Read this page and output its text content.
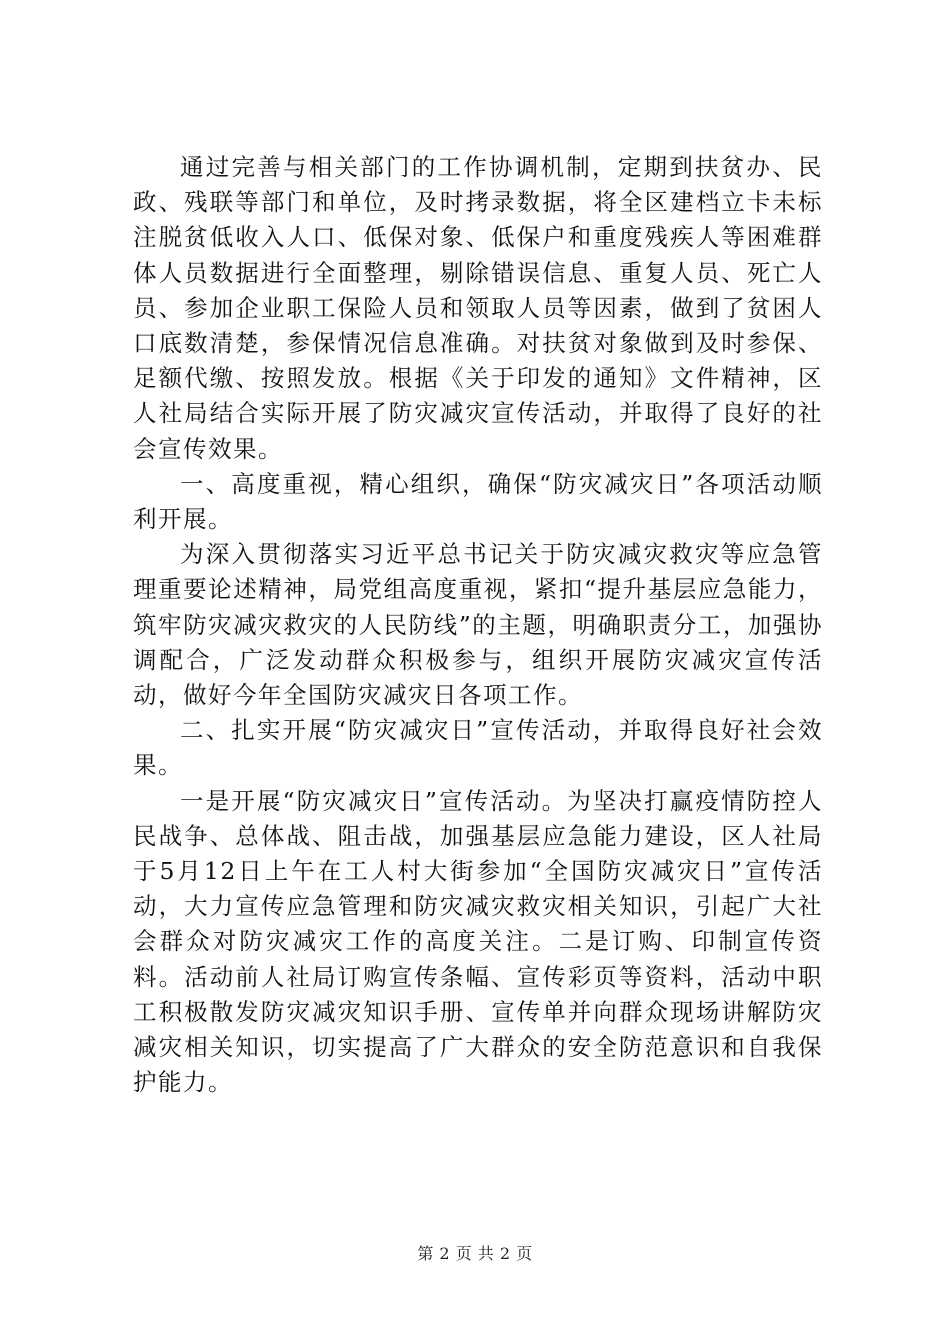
通过完善与相关部门的工作协调机制，定期到扶贫办、民政、残联等部门和单位，及时拷录数据，将全区建档立卡未标注脱贫低收入人口、低保对象、低保户和重度残疾人等困难群体人员数据进行全面整理，剔除错误信息、重复人员、死亡人员、参加企业职工保险人员和领取人员等因素，做到了贫困人口底数清楚，参保情况信息准确。对扶贫对象做到及时参保、足额代缴、按照发放。根据《关于印发的通知》文件精神，区人社局结合实际开展了防灾减灾宣传活动，并取得了良好的社会宣传效果。

一、高度重视，精心组织，确保“防灾减灾日”各项活动顺利开展。

为深入贯彻落实习近平总书记关于防灾减灾救灾等应急管理重要论述精神，局党组高度重视，紧扣“提升基层应急能力，筑牢防灾减灾救灾的人民防线”的主题，明确职责分工，加强协调配合，广泛发动群众积极参与，组织开展防灾减灾宣传活动，做好今年全国防灾减灾日各项工作。

二、扎实开展“防灾减灾日”宣传活动，并取得良好社会效果。

一是开展“防灾减灾日”宣传活动。为坚决打赢疫情防控人民战争、总体战、阻击战，加强基层应急能力建设，区人社局于5月12日上午在工人村大街参加“全国防灾减灾日”宣传活动，大力宣传应急管理和防灾减灾救灾相关知识，引起广大社会群众对防灾减灾工作的高度关注。二是订购、印制宣传资料。活动前人社局订购宣传条幅、宣传彩页等资料，活动中职工积极散发防灾减灾知识手册、宣传单并向群众现场讲解防灾减灾相关知识，切实提高了广大群众的安全防范意识和自我保护能力。

第 2 页 共 2 页
